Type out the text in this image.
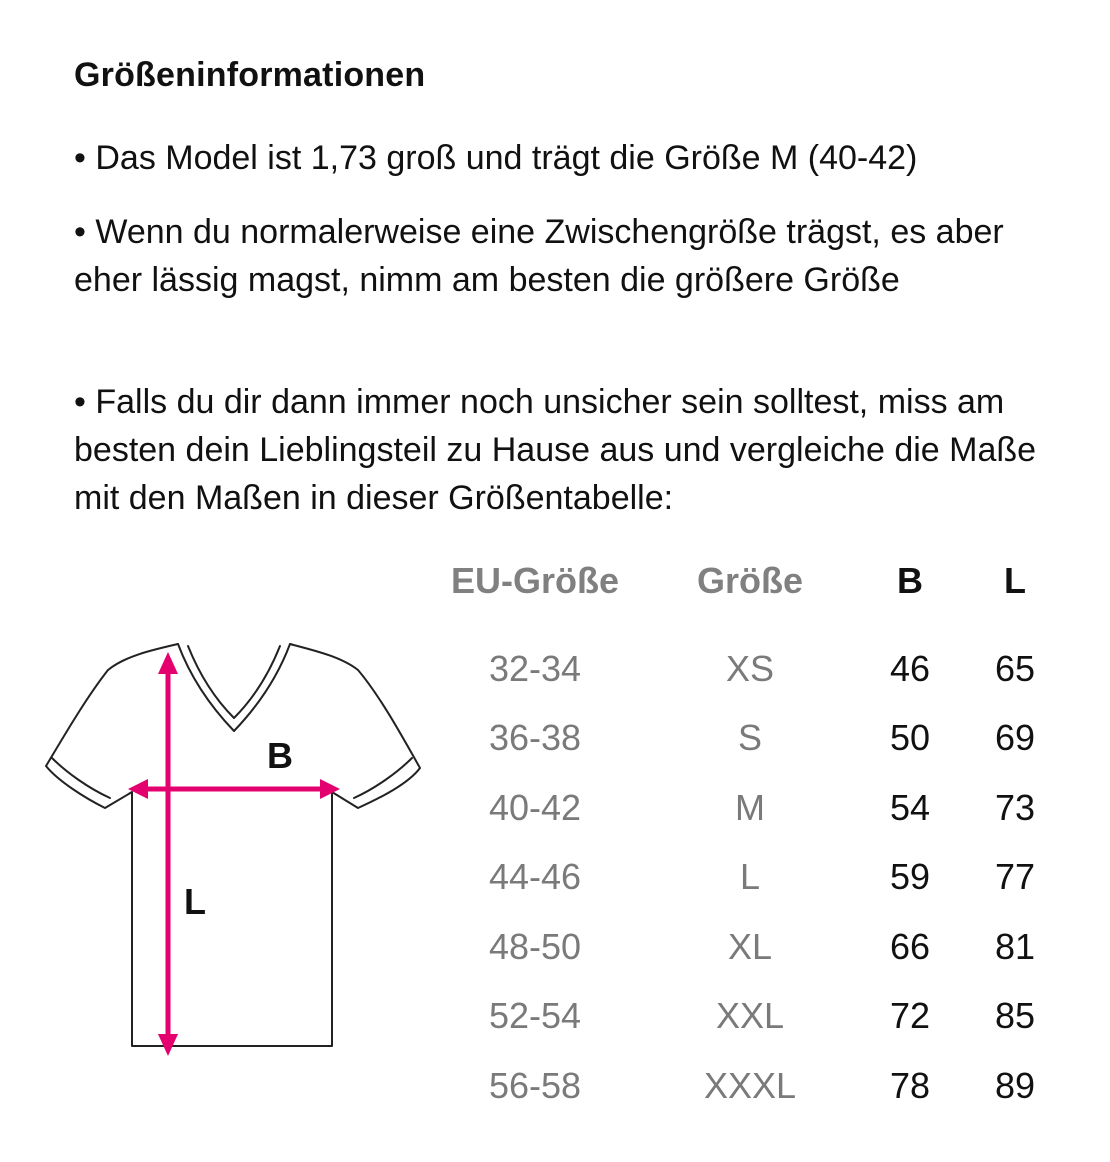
Größeninformationen
• Das Model ist 1,73 groß und trägt die Größe M (40-42)
• Wenn du normalerweise eine Zwischengröße trägst, es aber eher lässig magst, nimm am besten die größere Größe
• Falls du dir dann immer noch unsicher sein solltest, miss am besten dein Lieblingsteil zu Hause aus und vergleiche die Maße mit den Maßen in dieser Größentabelle:
B
L
EU-Größe	Größe	B	L

32-34	XS	46	65
36-38	S	50	69
40-42	M	54	73
44-46	L	59	77
48-50	XL	66	81
52-54	XXL	72	85
56-58	XXXL	78	89
